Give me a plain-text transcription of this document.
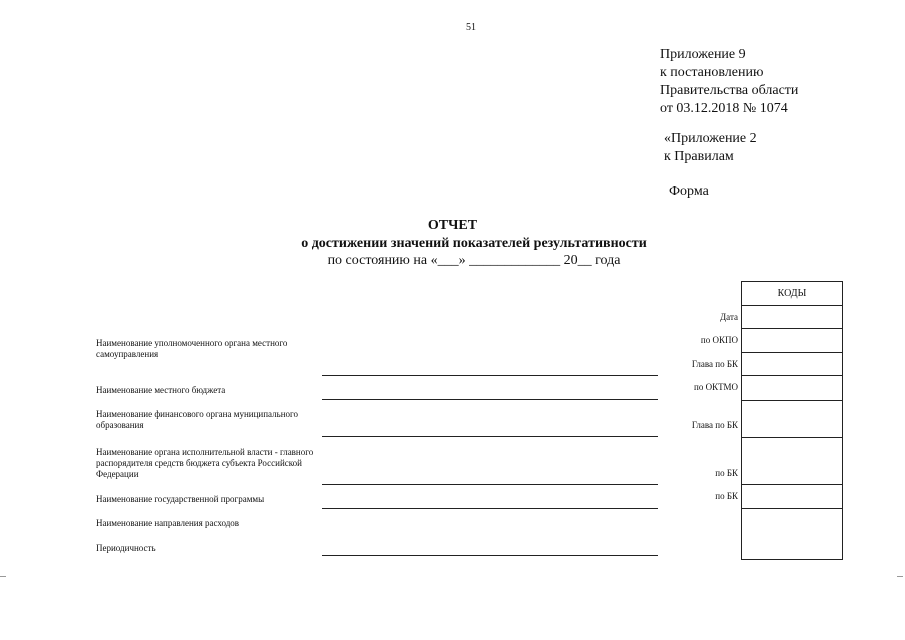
51
Приложение 9
к постановлению
Правительства области
от 03.12.2018 № 1074
«Приложение 2
к Правилам
Форма
ОТЧЕТ
о достижении значений показателей результативности
по состоянию на «___» _____________ 20__ года
Наименование уполномоченного органа местного самоуправления
Наименование местного бюджета
Наименование финансового органа муниципального образования
Наименование органа исполнительной власти - главного распорядителя средств бюджета субъекта Российской Федерации
Наименование государственной программы
Наименование направления расходов
Периодичность
Дата
по ОКПО
Глава по БК
по ОКТМО
Глава по БК
по БК
по БК
КОДЫ
